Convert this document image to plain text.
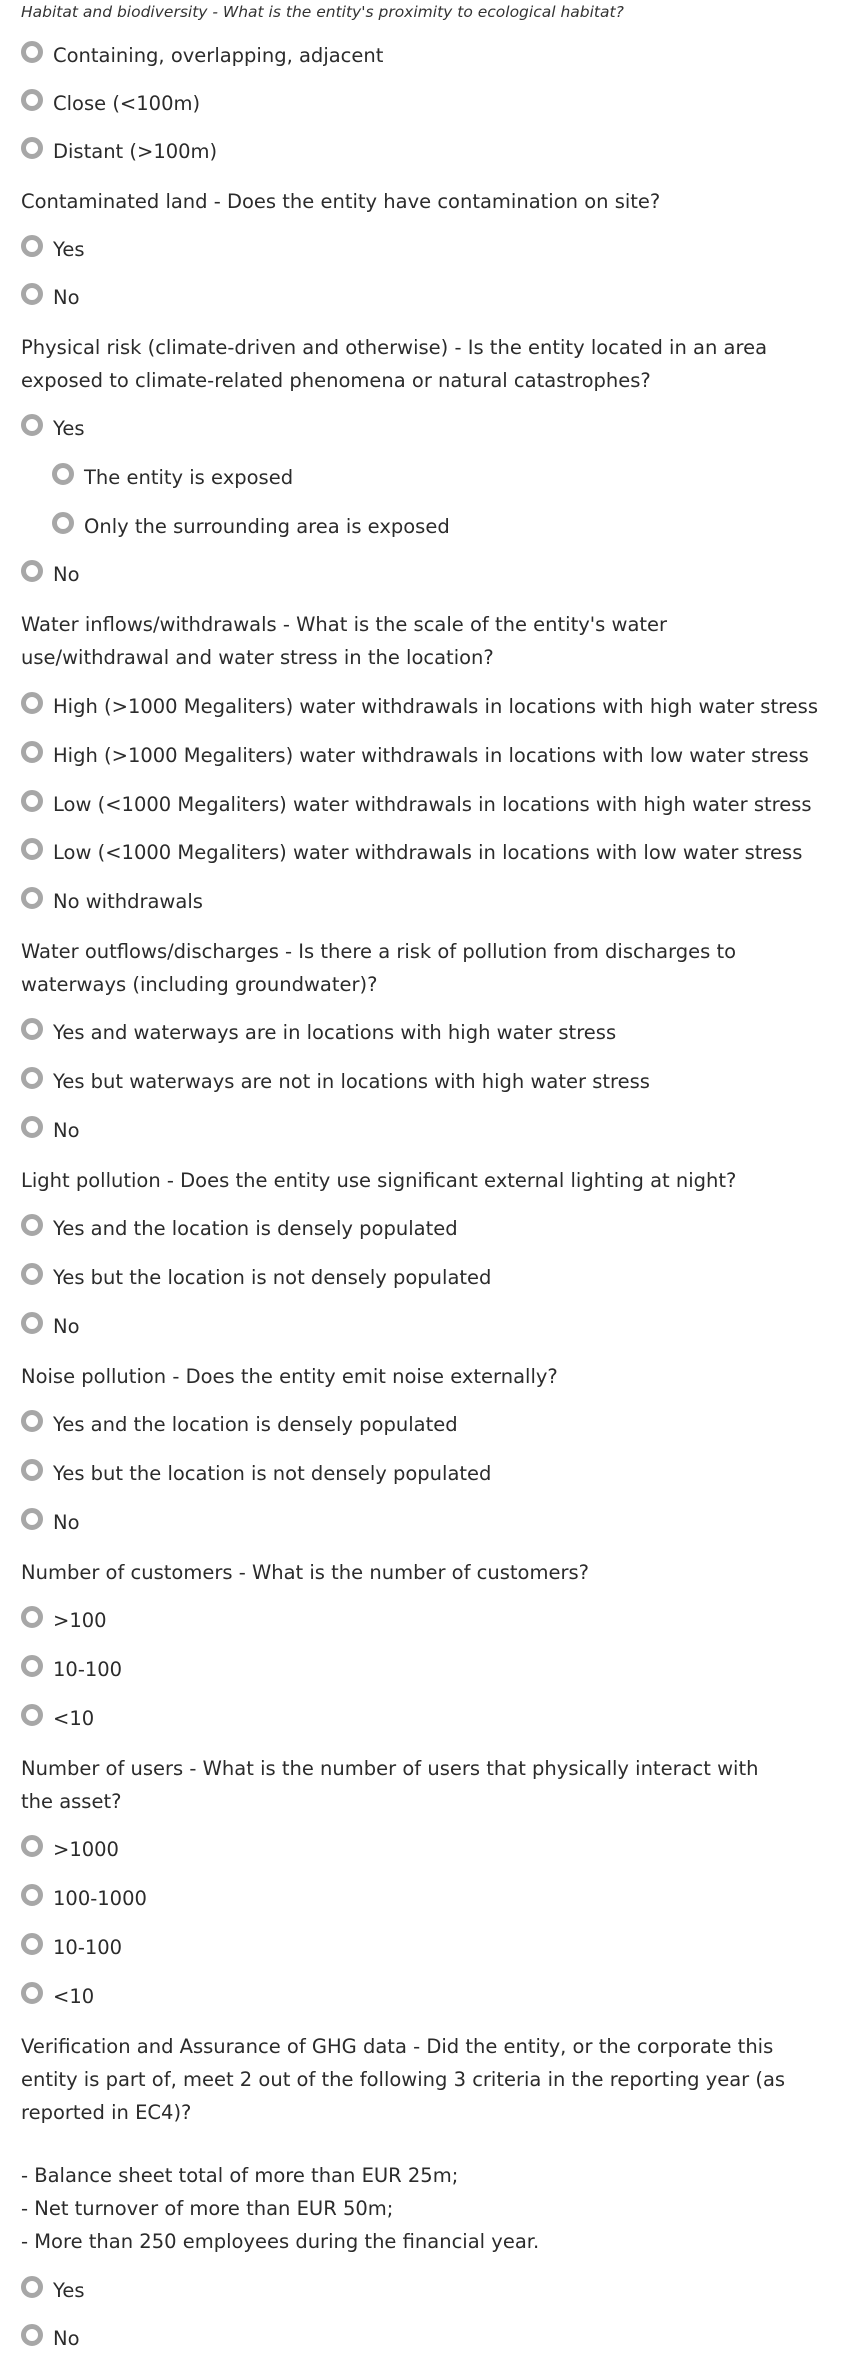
Habitat and biodiversity - What is the entity's proximity to ecological habitat?
Containing, overlapping, adjacent
Close (<100m)
Distant (>100m)
Contaminated land - Does the entity have contamination on site?
Yes
No
Physical risk (climate-driven and otherwise) - Is the entity located in an area exposed to climate-related phenomena or natural catastrophes?
Yes
The entity is exposed
Only the surrounding area is exposed
No
Water inflows/withdrawals - What is the scale of the entity's water use/withdrawal and water stress in the location?
High (>1000 Megaliters) water withdrawals in locations with high water stress
High (>1000 Megaliters) water withdrawals in locations with low water stress
Low (<1000 Megaliters) water withdrawals in locations with high water stress
Low (<1000 Megaliters) water withdrawals in locations with low water stress
No withdrawals
Water outflows/discharges - Is there a risk of pollution from discharges to waterways (including groundwater)?
Yes and waterways are in locations with high water stress
Yes but waterways are not in locations with high water stress
No
Light pollution - Does the entity use significant external lighting at night?
Yes and the location is densely populated
Yes but the location is not densely populated
No
Noise pollution - Does the entity emit noise externally?
Yes and the location is densely populated
Yes but the location is not densely populated
No
Number of customers - What is the number of customers?
>100
10-100
<10
Number of users - What is the number of users that physically interact with the asset?
>1000
100-1000
10-100
<10
Verification and Assurance of GHG data - Did the entity, or the corporate this entity is part of, meet 2 out of the following 3 criteria in the reporting year (as reported in EC4)?
- Balance sheet total of more than EUR 25m;
- Net turnover of more than EUR 50m;
- More than 250 employees during the financial year.
Yes
No
